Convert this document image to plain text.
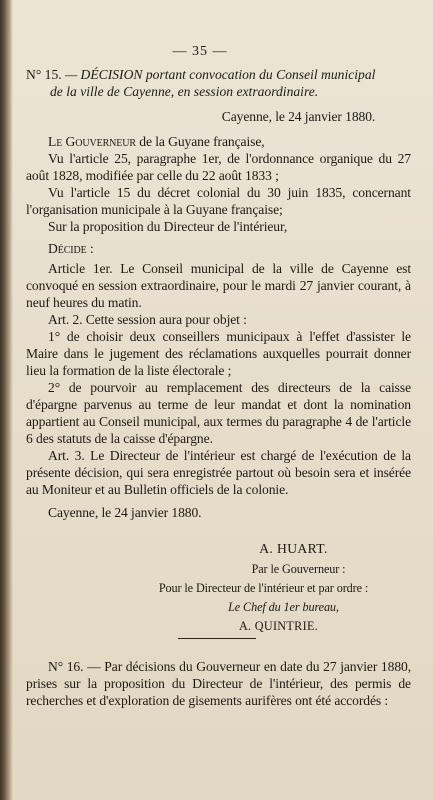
— 35 —
N° 15. — DÉCISION portant convocation du Conseil municipal
de la ville de Cayenne, en session extraordinaire.

Cayenne, le 24 janvier 1880.

Le Gouverneur de la Guyane française,

Vu l'article 25, paragraphe 1er, de l'ordonnance organique du 27 août 1828, modifiée par celle du 22 août 1833 ;

Vu l'article 15 du décret colonial du 30 juin 1835, concernant l'organisation municipale à la Guyane française;

Sur la proposition du Directeur de l'intérieur,

Décide :

Article 1er. Le Conseil municipal de la ville de Cayenne est convoqué en session extraordinaire, pour le mardi 27 janvier courant, à neuf heures du matin.

Art. 2. Cette session aura pour objet :

1° de choisir deux conseillers municipaux à l'effet d'assister le Maire dans le jugement des réclamations auxquelles pourrait donner lieu la formation de la liste électorale ;

2° de pourvoir au remplacement des directeurs de la caisse d'épargne parvenus au terme de leur mandat et dont la nomination appartient au Conseil municipal, aux termes du paragraphe 4 de l'article 6 des statuts de la caisse d'épargne.

Art. 3. Le Directeur de l'intérieur est chargé de l'exécution de la présente décision, qui sera enregistrée partout où besoin sera et insérée au Moniteur et au Bulletin officiels de la colonie.

Cayenne, le 24 janvier 1880.

A. HUART.

Par le Gouverneur :

Pour le Directeur de l'intérieur et par ordre :

Le Chef du 1er bureau,

A. QUINTRIE.

N° 16. — Par décisions du Gouverneur en date du 27 janvier 1880, prises sur la proposition du Directeur de l'intérieur, des permis de recherches et d'exploration de gisements aurifères ont été accordés :
